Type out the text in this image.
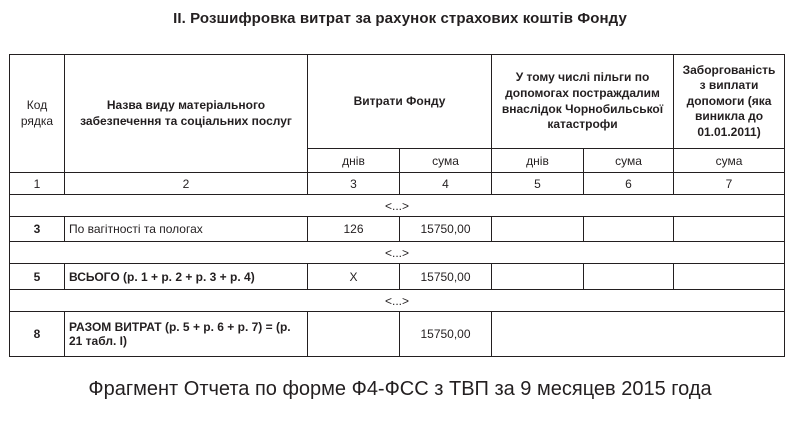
II. Розшифровка витрат за рахунок страхових коштів Фонду
Код рядка	Назва виду матеріального забезпечення та соціальних послуг	Витрати Фонду		У тому числі пільги по допомогах постраждалим внаслідок Чорнобильської катастрофи		Заборгованість з виплати допомоги (яка виникла до 01.01.2011)
		днів	сума	днів	сума	сума
1	2	3	4	5	6	7
<...>						
3	По вагітності та пологах	126	15750,00			
<...>						
5	ВСЬОГО (р. 1 + р. 2 + р. 3 + р. 4)	Х	15750,00			
<...>						
8	РАЗОМ ВИТРАТ (р. 5 + р. 6 + р. 7) = (р. 21 табл. І)		15750,00			
Фрагмент Отчета по форме Ф4-ФСС з ТВП за 9 месяцев 2015 года
